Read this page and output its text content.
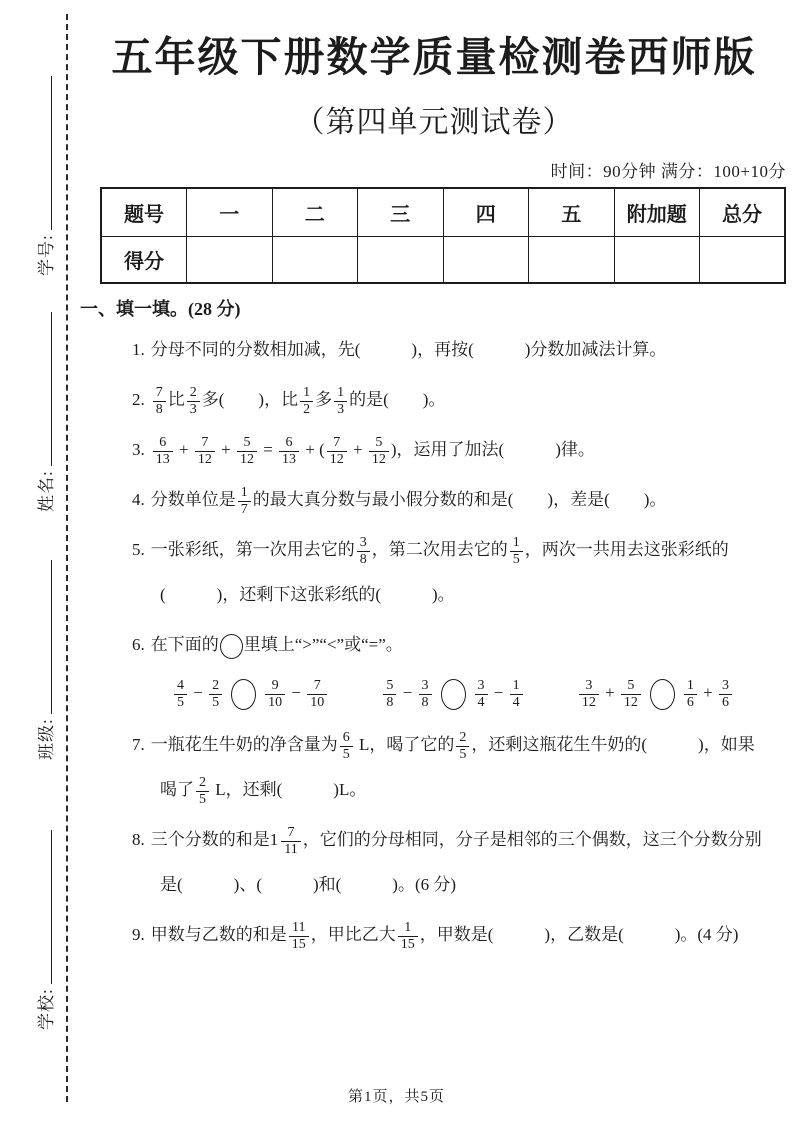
学号:
姓名:
班级:
学校:
五年级下册数学质量检测卷西师版
（第四单元测试卷）
时间：90分钟 满分：100+10分
题号	一	二	三	四	五	附加题	总分
得分							
一、填一填。(28 分)
1. 分母不同的分数相加减，先(　　　)，再按(　　　)分数加减法计算。
2. $\frac{7}{8}$ 比 $\frac{2}{3}$ 多(　　)，比 $\frac{1}{2}$ 多 $\frac{1}{3}$ 的是(　　)。
3. $\frac{6}{13} + \frac{7}{12} + \frac{5}{12} = \frac{6}{13}$ + ( $\frac{7}{12} + \frac{5}{12}$ )，运用了加法(　　　)律。
4. 分数单位是 $\frac{1}{7}$ 的最大真分数与最小假分数的和是(　　)，差是(　　)。
5. 一张彩纸，第一次用去它的 $\frac{3}{8}$ ，第二次用去它的 $\frac{1}{5}$ ，两次一共用去这张彩纸的
(　　　)，还剩下这张彩纸的(　　　)。
6. 在下面的 里填上“>”“<”或“=”。
$\frac{4}{5} - \frac{2}{5}$	$\frac{9}{10} - \frac{7}{10}$	$\frac{5}{8} - \frac{3}{8}$	$\frac{3}{4} - \frac{1}{4}$	$\frac{3}{12} + \frac{5}{12}$	$\frac{1}{6} + \frac{3}{6}$
7. 一瓶花生牛奶的净含量为 $\frac{6}{5}$ L，喝了它的 $\frac{2}{5}$ ，还剩这瓶花生牛奶的(　　　)，如果
喝了 $\frac{2}{5}$ L，还剩(　　　)L。
8. 三个分数的和是$1 \frac{7}{11}$ ，它们的分母相同，分子是相邻的三个偶数，这三个分数分别
是(　　　)、(　　　)和(　　　)。(6 分)
9. 甲数与乙数的和是 $\frac{11}{15}$ ，甲比乙大 $\frac{1}{15}$ ，甲数是(　　　)，乙数是(　　　)。(4 分)
第1页，共5页
